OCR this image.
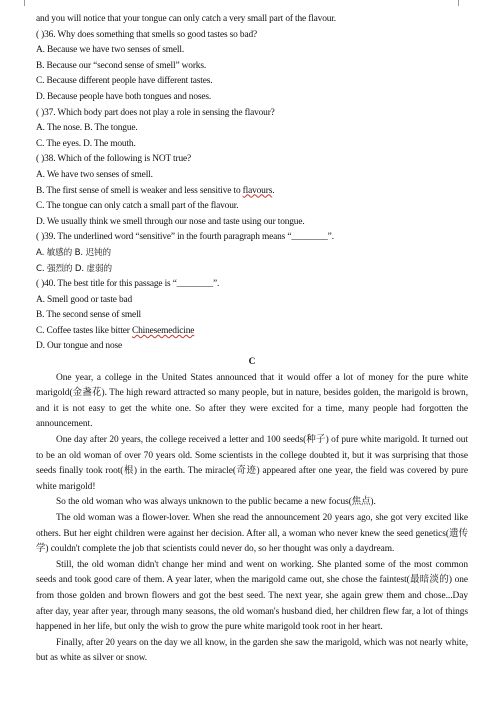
and you will notice that your tongue can only catch a very small part of the flavour.
( )36. Why does something that smells so good tastes so bad?
A. Because we have two senses of smell.
B. Because our “second sense of smell” works.
C. Because different people have different tastes.
D. Because people have both tongues and noses.
( )37. Which body part does not play a role in sensing the flavour?
A. The nose. B. The tongue.
C. The eyes. D. The mouth.
( )38. Which of the following is NOT true?
A. We have two senses of smell.
B. The first sense of smell is weaker and less sensitive to flavours.
C. The tongue can only catch a small part of the flavour.
D. We usually think we smell through our nose and taste using our tongue.
( )39. The underlined word “sensitive” in the fourth paragraph means “________”.
A. 敏感的 B. 迟钝的
C. 强烈的 D. 虚弱的
( )40. The best title for this passage is “________”.
A. Smell good or taste bad
B. The second sense of smell
C. Coffee tastes like bitter Chinesemedicine
D. Our tongue and nose
C

One year, a college in the United States announced that it would offer a lot of money for the pure white marigold(金盏花). The high reward attracted so many people, but in nature, besides golden, the marigold is brown, and it is not easy to get the white one. So after they were excited for a time, many people had forgotten the announcement.

One day after 20 years, the college received a letter and 100 seeds(种子) of pure white marigold. It turned out to be an old woman of over 70 years old. Some scientists in the college doubted it, but it was surprising that those seeds finally took root(根) in the earth. The miracle(奇迹) appeared after one year, the field was covered by pure white marigold!

So the old woman who was always unknown to the public became a new focus(焦点).

The old woman was a flower-lover. When she read the announcement 20 years ago, she got very excited like others. But her eight children were against her decision. After all, a woman who never knew the seed genetics(遗传学) couldn't complete the job that scientists could never do, so her thought was only a daydream.

Still, the old woman didn't change her mind and went on working. She planted some of the most common seeds and took good care of them. A year later, when the marigold came out, she chose the faintest(最暗淡的) one from those golden and brown flowers and got the best seed. The next year, she again grew them and chose...Day after day, year after year, through many seasons, the old woman's husband died, her children flew far, a lot of things happened in her life, but only the wish to grow the pure white marigold took root in her heart.

Finally, after 20 years on the day we all know, in the garden she saw the marigold, which was not nearly white, but as white as silver or snow.
